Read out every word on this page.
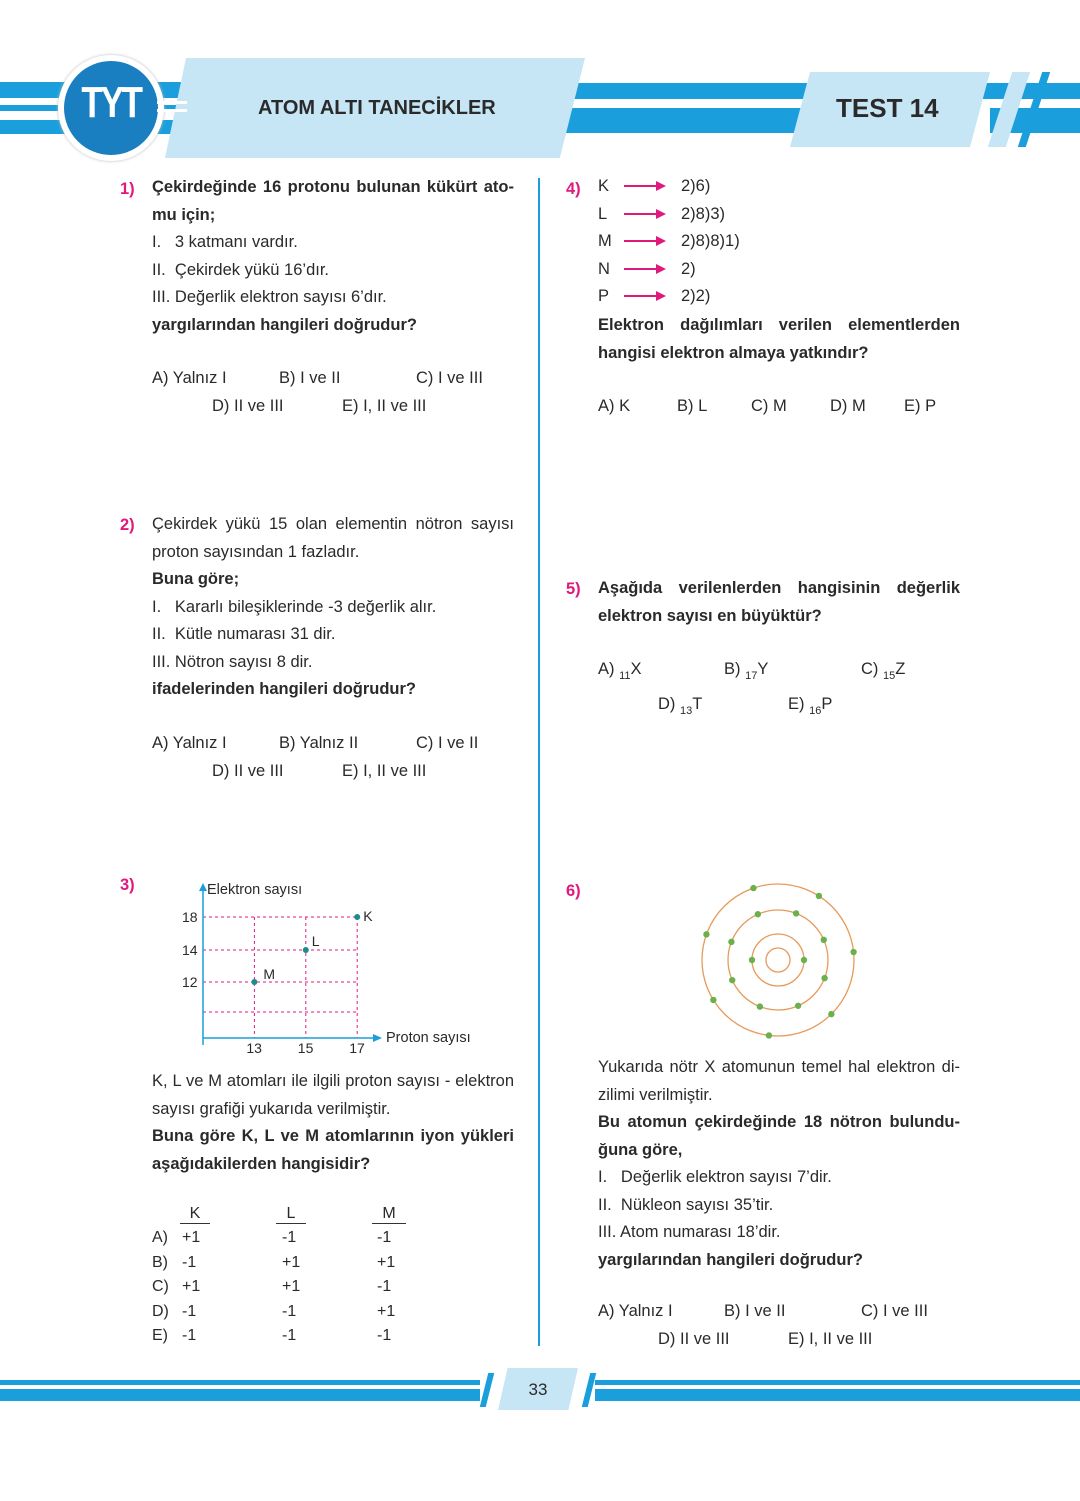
TYT	ATOM ALTI TANECİKLER	TEST 14
1) Çekirdeğinde 16 protonu bulunan kükürt ato-
mu için;
I.   3 katmanı vardır.
II.  Çekirdek yükü 16’dır.
III. Değerlik elektron sayısı 6’dır.
yargılarından hangileri doğrudur?
A) Yalnız I	B) I ve II	C) I ve III
D) II ve III	E) I, II ve III
2) Çekirdek yükü 15 olan elementin nötron sayısı
proton sayısından 1 fazladır.
Buna göre;
I.   Kararlı bileşiklerinde -3 değerlik alır.
II.  Kütle numarası 31 dir.
III. Nötron sayısı 8 dir.
ifadelerinden hangileri doğrudur?
A) Yalnız I	B) Yalnız II	C) I ve II
D) II ve III	E) I, II ve III
3)	Elektron sayısı
Proton sayısı
13	15	17
18
14
12	M
L
K
K, L ve M atomları ile ilgili proton sayısı - elektron
sayısı grafiği yukarıda verilmiştir.
Buna göre K, L ve M atomlarının iyon yükleri
aşağıdakilerden hangisidir?
K	L	M
A) +1	-1	-1
B) -1	+1	+1
C) +1	+1	-1
D) -1	-1	+1
E) -1	-1	-1
4) K	2)6)
L	2)8)3)
M	2)8)8)1)
N	2)
P	2)2)
Elektron dağılımları verilen elementlerden
hangisi elektron almaya yatkındır?
A) K	B) L	C) M	D) M E) P
5) Aşağıda verilenlerden hangisinin değerlik
elektron sayısı en büyüktür?
A) $_{11}$X	B) $_{17}$Y	C) $_{15}$Z
D) $_{13}$T	E) $_{16}$P
6)
Yukarıda nötr X atomunun temel hal elektron di-
zilimi verilmiştir.
Bu atomun çekirdeğinde 18 nötron bulundu-
ğuna göre,
I.   Değerlik elektron sayısı 7’dir.
II.  Nükleon sayısı 35’tir.
III. Atom numarası 18’dir.
yargılarından hangileri doğrudur?
A) Yalnız I	B) I ve II	C) I ve III
D) II ve III	E) I, II ve III
33
